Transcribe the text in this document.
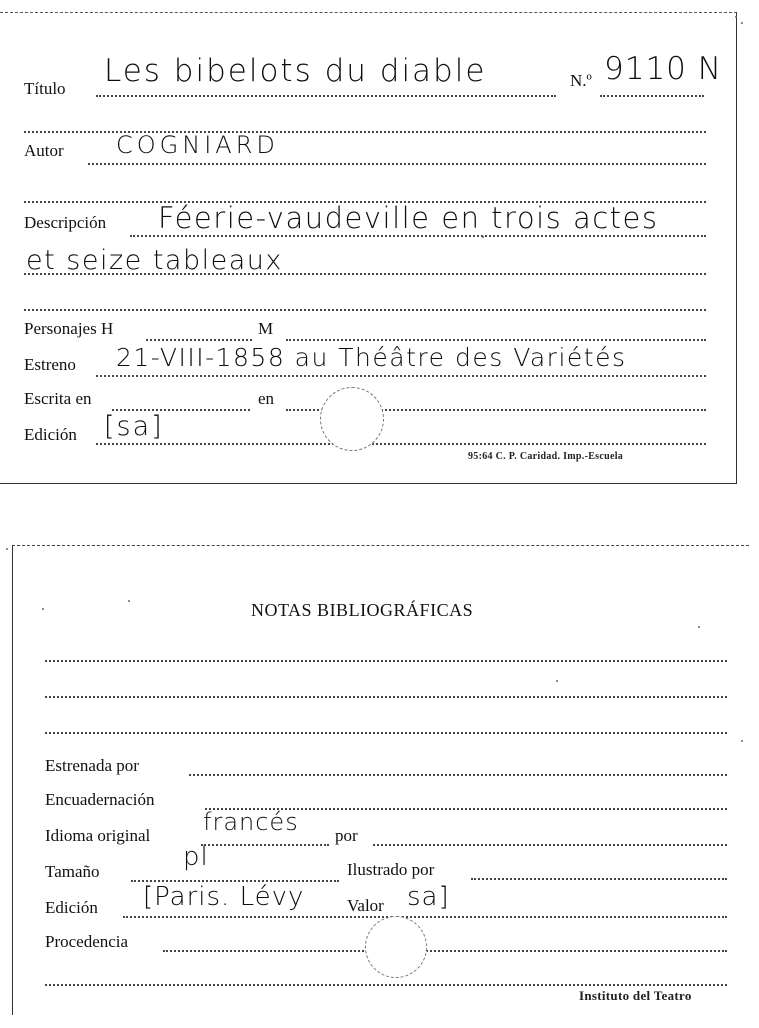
Título Les bibelots du diable	N.º 9110 N
Autor COGNIARD
Descripción Féerie-vaudeville en trois actes
et seize tableaux
Personajes H	M
Estreno 21-VIII-1858 au Théâtre des Variétés
Escrita en	en
Edición [sa]
95:64 C. P. Caridad. Imp.-Escuela
NOTAS BIBLIOGRÁFICAS
Estrenada por
Encuadernación
Idioma original francés por
Tamaño	pl	Ilustrado por
Edición [Paris. Lévy	Valor sa]
Procedencia
Instituto del Teatro
